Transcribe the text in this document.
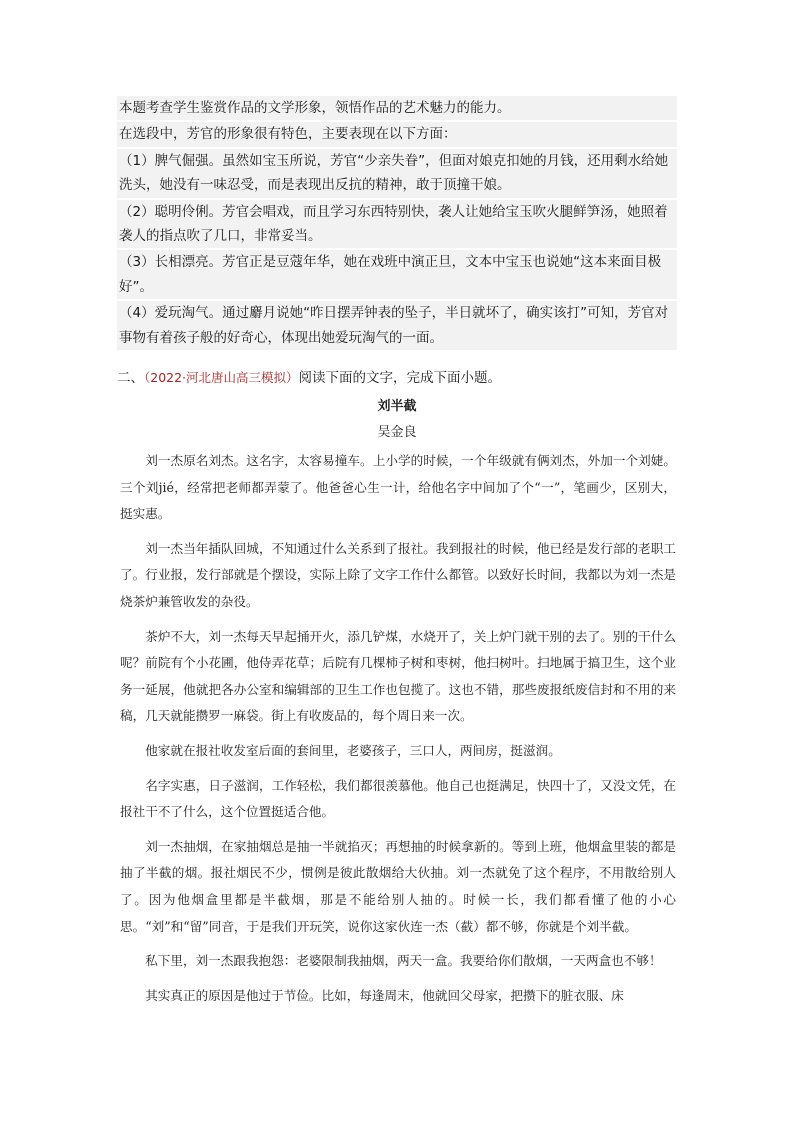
本题考查学生鉴赏作品的文学形象，领悟作品的艺术魅力的能力。

在选段中，芳官的形象很有特色，主要表现在以下方面：

（1）脾气倔强。虽然如宝玉所说，芳官“少亲失眷”，但面对娘克扣她的月钱，还用剩水给她洗头，她没有一味忍受，而是表现出反抗的精神，敢于顶撞干娘。

（2）聪明伶俐。芳官会唱戏，而且学习东西特别快，袭人让她给宝玉吹火腿鲜笋汤，她照着袭人的指点吹了几口，非常妥当。

（3）长相漂亮。芳官正是豆蔻年华，她在戏班中演正旦，文本中宝玉也说她“这本来面目极好”。

（4）爱玩淘气。通过麝月说她“昨日摆弄钟表的坠子，半日就坏了，确实该打”可知，芳官对事物有着孩子般的好奇心，体现出她爱玩淘气的一面。

二、（2022·河北唐山高三模拟）阅读下面的文字，完成下面小题。
刘半截
吴金良

刘一杰原名刘杰。这名字，太容易撞车。上小学的时候，一个年级就有俩刘杰，外加一个刘婕。三个刘jié，经常把老师都弄蒙了。他爸爸心生一计，给他名字中间加了个“一”，笔画少，区别大，挺实惠。

刘一杰当年插队回城，不知通过什么关系到了报社。我到报社的时候，他已经是发行部的老职工了。行业报，发行部就是个摆设，实际上除了文字工作什么都管。以致好长时间，我都以为刘一杰是烧茶炉兼管收发的杂役。

茶炉不大，刘一杰每天早起捅开火，添几铲煤，水烧开了，关上炉门就干别的去了。别的干什么呢？前院有个小花圃，他侍弄花草；后院有几棵柿子树和枣树，他扫树叶。扫地属于搞卫生，这个业务一延展，他就把各办公室和编辑部的卫生工作也包揽了。这也不错，那些废报纸废信封和不用的来稿，几天就能攒罗一麻袋。街上有收废品的，每个周日来一次。

他家就在报社收发室后面的套间里，老婆孩子，三口人，两间房，挺滋润。

名字实惠，日子滋润，工作轻松，我们都很羡慕他。他自己也挺满足，快四十了，又没文凭，在报社干不了什么，这个位置挺适合他。

刘一杰抽烟，在家抽烟总是抽一半就掐灭；再想抽的时候拿新的。等到上班，他烟盒里装的都是抽了半截的烟。报社烟民不少，惯例是彼此散烟给大伙抽。刘一杰就免了这个程序，不用散给别人了。因为他烟盒里都是半截烟，那是不能给别人抽的。时候一长，我们都看懂了他的小心思。“刘”和“留”同音，于是我们开玩笑，说你这家伙连一杰（截）都不够，你就是个刘半截。

私下里，刘一杰跟我抱怨：老婆限制我抽烟，两天一盒。我要给你们散烟，一天两盒也不够！

其实真正的原因是他过于节俭。比如，每逢周末，他就回父母家，把攒下的脏衣服、床
